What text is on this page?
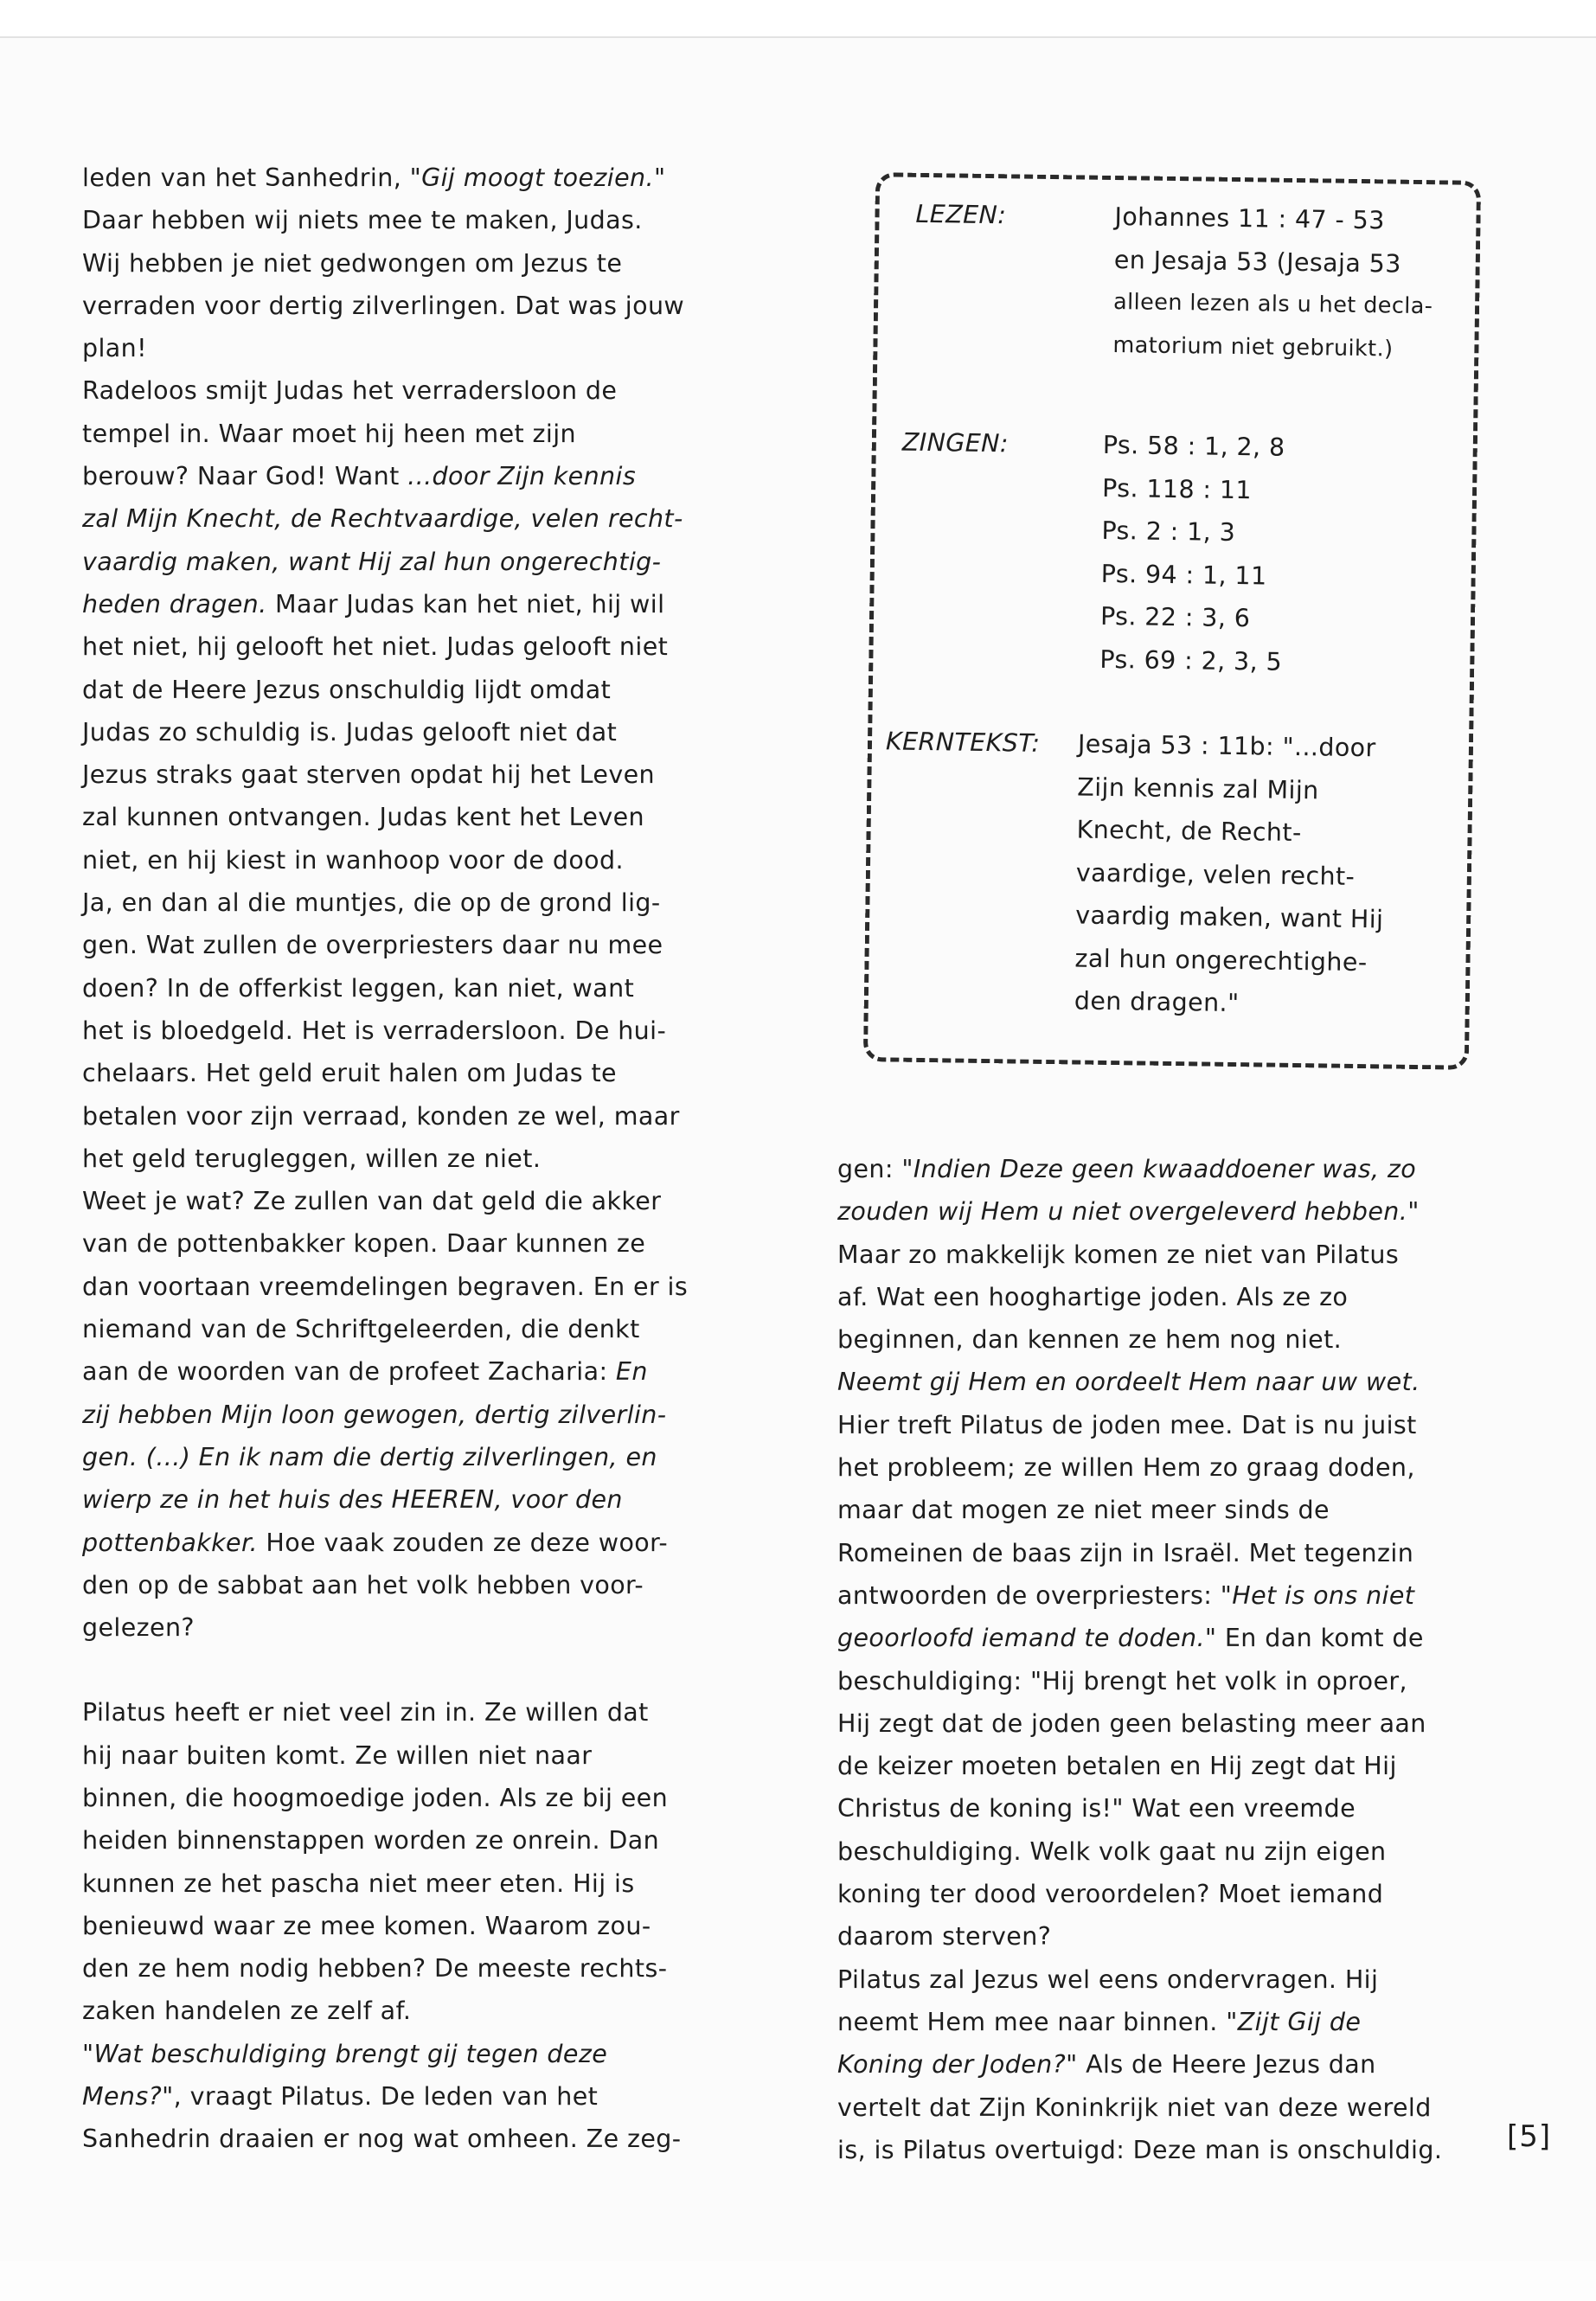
leden van het Sanhedrin, "Gij moogt toezien."

Daar hebben wij niets mee te maken, Judas.

Wij hebben je niet gedwongen om Jezus te

verraden voor dertig zilverlingen. Dat was jouw

plan!

Radeloos smijt Judas het verradersloon de

tempel in. Waar moet hij heen met zijn

berouw? Naar God! Want ...door Zijn kennis

zal Mijn Knecht, de Rechtvaardige, velen recht-

vaardig maken, want Hij zal hun ongerechtig-

heden dragen. Maar Judas kan het niet, hij wil

het niet, hij gelooft het niet. Judas gelooft niet

dat de Heere Jezus onschuldig lijdt omdat

Judas zo schuldig is. Judas gelooft niet dat

Jezus straks gaat sterven opdat hij het Leven

zal kunnen ontvangen. Judas kent het Leven

niet, en hij kiest in wanhoop voor de dood.

Ja, en dan al die muntjes, die op de grond lig-

gen. Wat zullen de overpriesters daar nu mee

doen? In de offerkist leggen, kan niet, want

het is bloedgeld. Het is verradersloon. De hui-

chelaars. Het geld eruit halen om Judas te

betalen voor zijn verraad, konden ze wel, maar

het geld terugleggen, willen ze niet.

Weet je wat? Ze zullen van dat geld die akker

van de pottenbakker kopen. Daar kunnen ze

dan voortaan vreemdelingen begraven. En er is

niemand van de Schriftgeleerden, die denkt

aan de woorden van de profeet Zacharia: En

zij hebben Mijn loon gewogen, dertig zilverlin-

gen. (...) En ik nam die dertig zilverlingen, en

wierp ze in het huis des HEEREN, voor den

pottenbakker. Hoe vaak zouden ze deze woor-

den op de sabbat aan het volk hebben voor-

gelezen?

Pilatus heeft er niet veel zin in. Ze willen dat

hij naar buiten komt. Ze willen niet naar

binnen, die hoogmoedige joden. Als ze bij een

heiden binnenstappen worden ze onrein. Dan

kunnen ze het pascha niet meer eten. Hij is

benieuwd waar ze mee komen. Waarom zou-

den ze hem nodig hebben? De meeste rechts-

zaken handelen ze zelf af.

"Wat beschuldiging brengt gij tegen deze

Mens?", vraagt Pilatus. De leden van het

Sanhedrin draaien er nog wat omheen. Ze zeg-

LEZEN:	Johannes 11 : 47 - 53

en Jesaja 53 (Jesaja 53

alleen lezen als u het decla-

matorium niet gebruikt.)

ZINGEN:	Ps. 58 : 1, 2, 8

Ps. 118 : 11

Ps. 2 : 1, 3

Ps. 94 : 1, 11

Ps. 22 : 3, 6

Ps. 69 : 2, 3, 5

KERNTEKST: Jesaja 53 : 11b: "...door

Zijn kennis zal Mijn

Knecht, de Recht-

vaardige, velen recht-

vaardig maken, want Hij

zal hun ongerechtighe-

den dragen."

gen: "Indien Deze geen kwaaddoener was, zo

zouden wij Hem u niet overgeleverd hebben."

Maar zo makkelijk komen ze niet van Pilatus

af. Wat een hooghartige joden. Als ze zo

beginnen, dan kennen ze hem nog niet.

Neemt gij Hem en oordeelt Hem naar uw wet.

Hier treft Pilatus de joden mee. Dat is nu juist

het probleem; ze willen Hem zo graag doden,

maar dat mogen ze niet meer sinds de

Romeinen de baas zijn in Israël. Met tegenzin

antwoorden de overpriesters: "Het is ons niet

geoorloofd iemand te doden." En dan komt de

beschuldiging: "Hij brengt het volk in oproer,

Hij zegt dat de joden geen belasting meer aan

de keizer moeten betalen en Hij zegt dat Hij

Christus de koning is!" Wat een vreemde

beschuldiging. Welk volk gaat nu zijn eigen

koning ter dood veroordelen? Moet iemand

daarom sterven?

Pilatus zal Jezus wel eens ondervragen. Hij

neemt Hem mee naar binnen. "Zijt Gij de

Koning der Joden?" Als de Heere Jezus dan

vertelt dat Zijn Koninkrijk niet van deze wereld

is, is Pilatus overtuigd: Deze man is onschuldig.	[5]
